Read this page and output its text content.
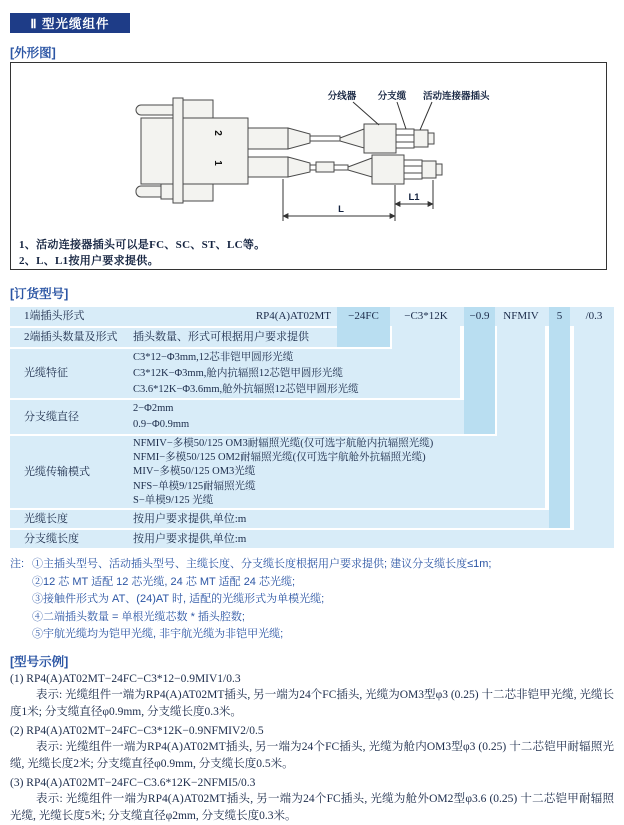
Ⅱ 型光缆组件
[外形图]
2
1
分线器 分支缆 活动连接器插头
L1
L
1、活动连接器插头可以是FC、SC、ST、LC等。
2、L、L1按用户要求提供。
[订货型号]
1端插头形式	RP4(A)AT02MT	−24FC	−C3*12K	−0.9	NFMIV	5	/0.3
2端插头数量及形式 插头数量、形式可根据用户要求提供
光缆特征
C3*12−Φ3mm,12芯非铠甲圆形光缆
C3*12K−Φ3mm,舱内抗辐照12芯铠甲圆形光缆
C3.6*12K−Φ3.6mm,舱外抗辐照12芯铠甲圆形光缆
分支缆直径
2−Φ2mm
0.9−Φ0.9mm
光缆传输模式
NFMIV−多模50/125 OM3耐辐照光缆(仅可选宇航舱内抗辐照光缆)
NFMI−多模50/125 OM2耐辐照光缆(仅可选宇航舱外抗辐照光缆)
MIV−多模50/125 OM3光缆
NFS−单模9/125耐辐照光缆
S−单模9/125 光缆
光缆长度	按用户要求提供,单位:m
分支缆长度	按用户要求提供,单位:m
注: ①主插头型号、活动插头型号、主缆长度、分支缆长度根据用户要求提供; 建议分支缆长度≤1m;
②12 芯 MT 适配 12 芯光缆, 24 芯 MT 适配 24 芯光缆;
③接触件形式为 AT、(24)AT 时, 适配的光缆形式为单模光缆;
④二端插头数量 = 单根光缆芯数 * 插头腔数;
⑤宇航光缆均为铠甲光缆, 非宇航光缆为非铠甲光缆;
[型号示例]
(1) RP4(A)AT02MT−24FC−C3*12−0.9MIV1/0.3

表示: 光缆组件一端为RP4(A)AT02MT插头, 另一端为24个FC插头, 光缆为OM3型φ3 (0.25) 十二芯非铠甲光缆, 光缆长度1米; 分支缆直径φ0.9mm, 分支缆长度0.3米。

(2) RP4(A)AT02MT−24FC−C3*12K−0.9NFMIV2/0.5

表示: 光缆组件一端为RP4(A)AT02MT插头, 另一端为24个FC插头, 光缆为舱内OM3型φ3 (0.25) 十二芯铠甲耐辐照光缆, 光缆长度2米; 分支缆直径φ0.9mm, 分支缆长度0.5米。

(3) RP4(A)AT02MT−24FC−C3.6*12K−2NFMI5/0.3

表示: 光缆组件一端为RP4(A)AT02MT插头, 另一端为24个FC插头, 光缆为舱外OM2型φ3.6 (0.25) 十二芯铠甲耐辐照光缆, 光缆长度5米; 分支缆直径φ2mm, 分支缆长度0.3米。
